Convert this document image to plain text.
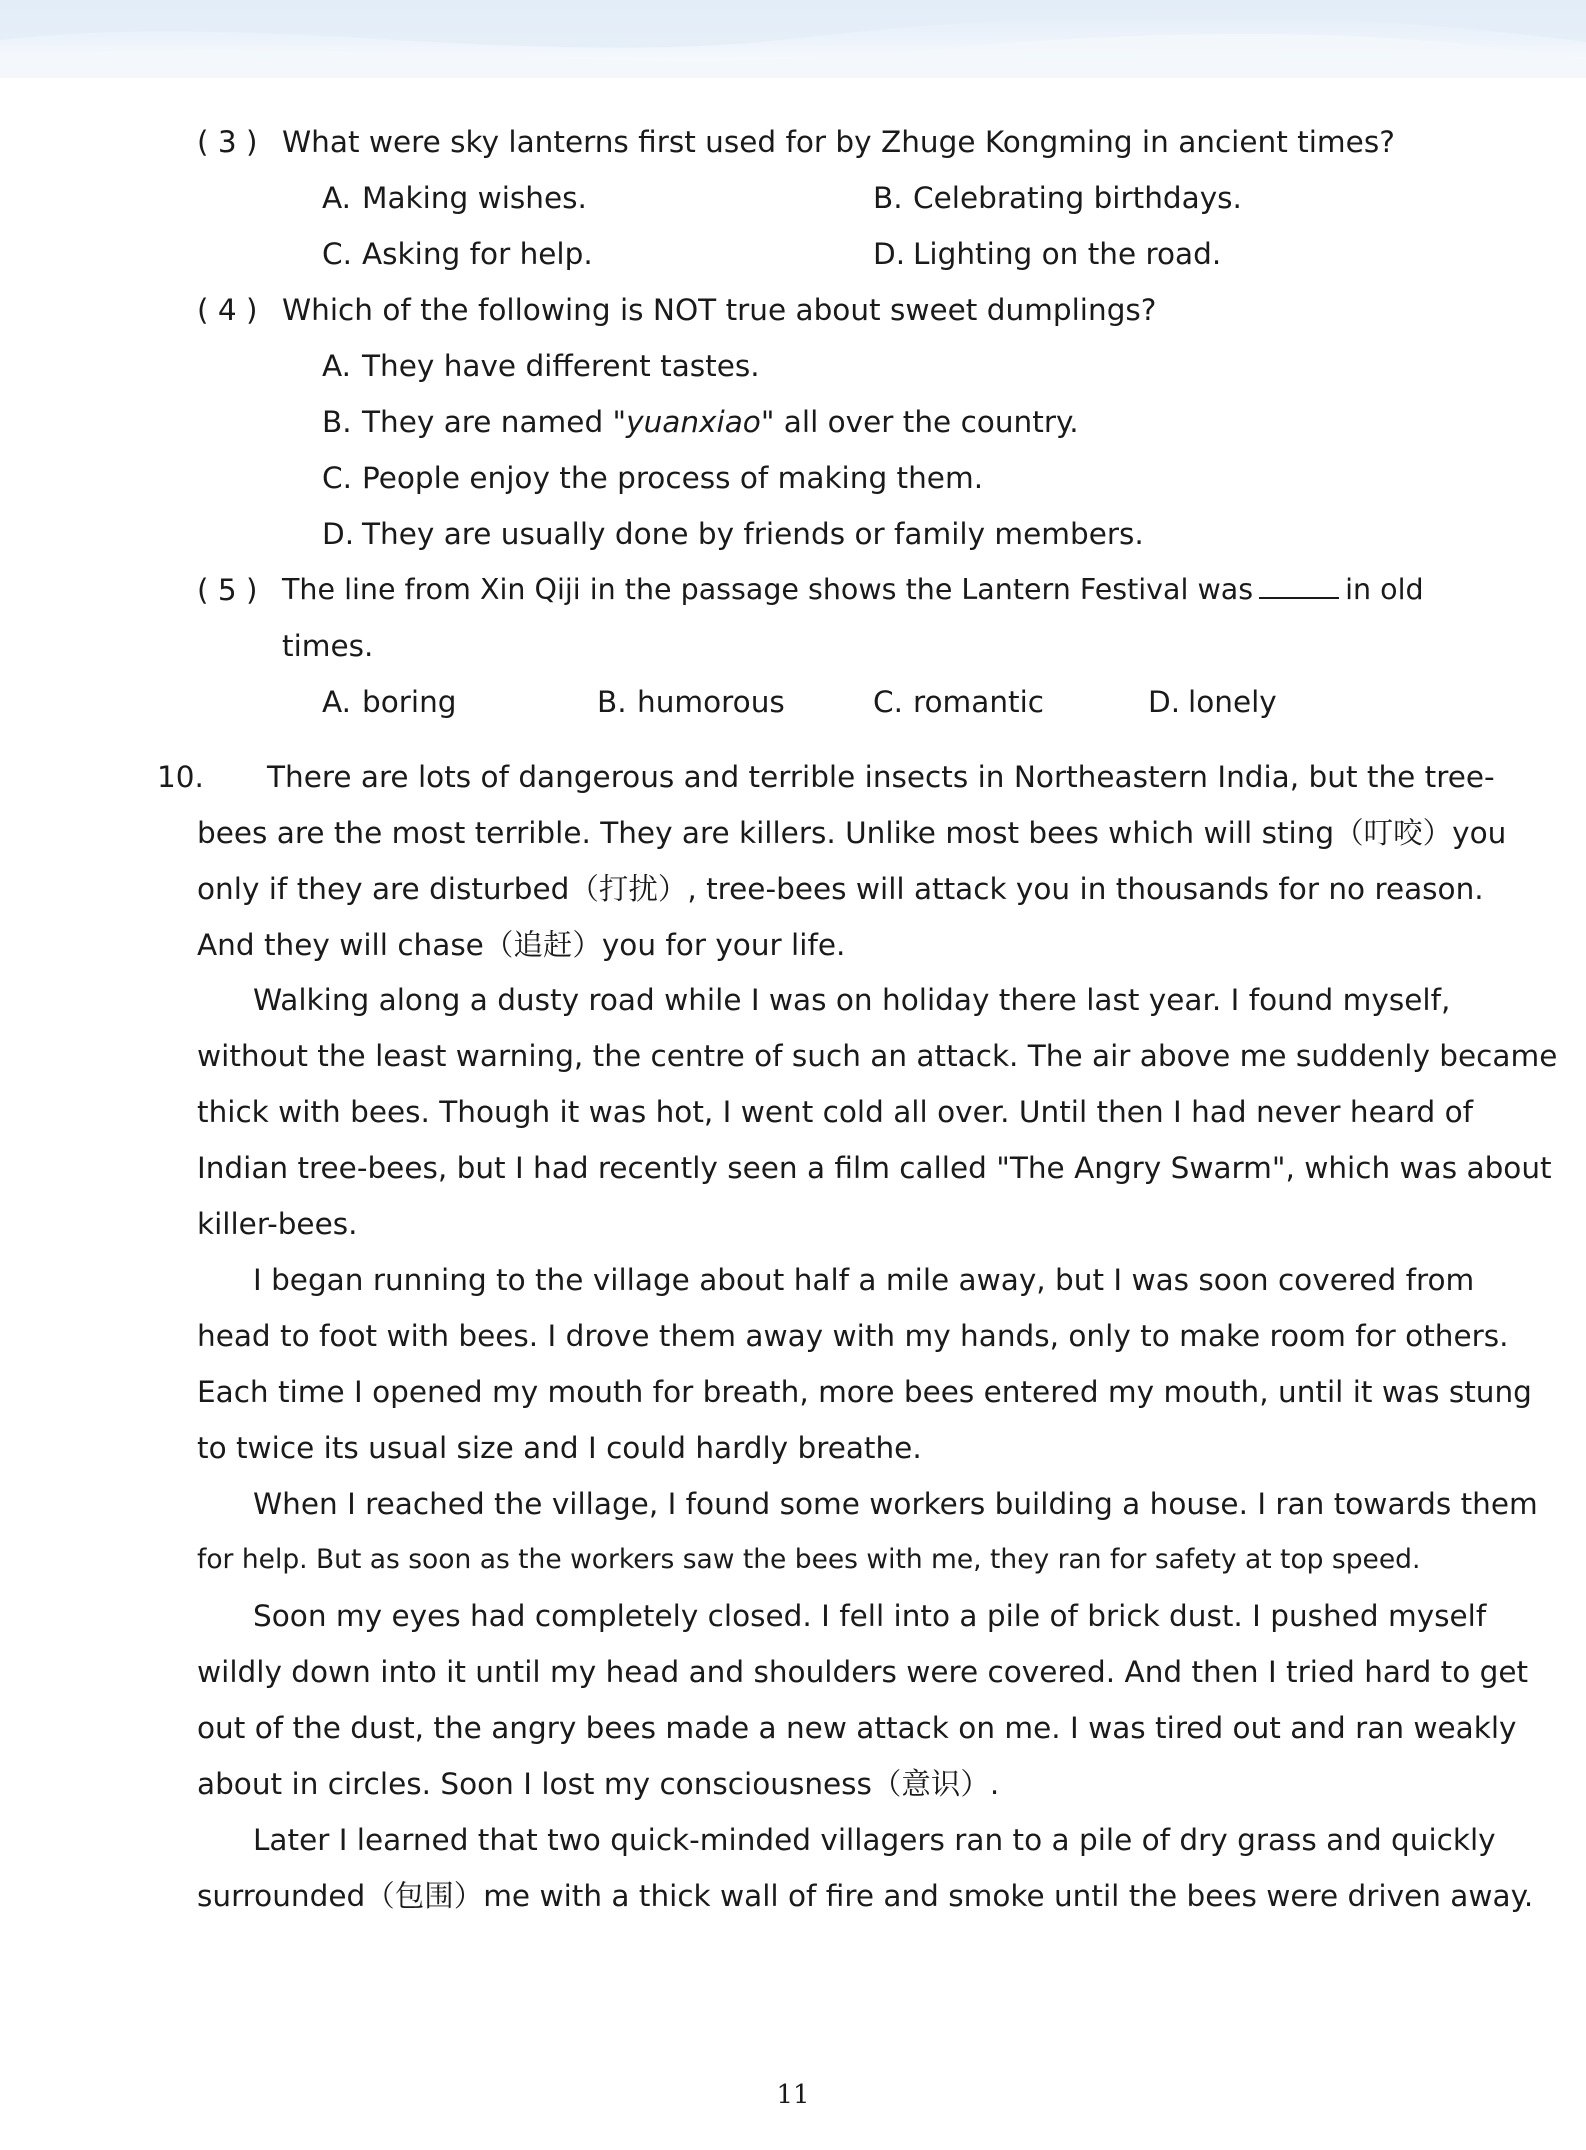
( 3 ) What were sky lanterns first used for by Zhuge Kongming in ancient times?
A. Making wishes.	B. Celebrating birthdays.
C. Asking for help.	D. Lighting on the road.
( 4 ) Which of the following is NOT true about sweet dumplings?
A. They have different tastes.
B. They are named "yuanxiao" all over the country.
C. People enjoy the process of making them.
D. They are usually done by friends or family members.
( 5 ) The line from Xin Qiji in the passage shows the Lantern Festival was	in old
times.
A. boring	B. humorous	C. romantic	D. lonely
10. There are lots of dangerous and terrible insects in Northeastern India, but the tree-
bees are the most terrible. They are killers. Unlike most bees which will sting（叮咬）you
only if they are disturbed（打扰）, tree-bees will attack you in thousands for no reason.
And they will chase（追赶）you for your life.
Walking along a dusty road while I was on holiday there last year. I found myself,
without the least warning, the centre of such an attack. The air above me suddenly became
thick with bees. Though it was hot, I went cold all over. Until then I had never heard of
Indian tree-bees, but I had recently seen a film called "The Angry Swarm", which was about
killer-bees.
I began running to the village about half a mile away, but I was soon covered from
head to foot with bees. I drove them away with my hands, only to make room for others.
Each time I opened my mouth for breath, more bees entered my mouth, until it was stung
to twice its usual size and I could hardly breathe.
When I reached the village, I found some workers building a house. I ran towards them
for help. But as soon as the workers saw the bees with me, they ran for safety at top speed.
Soon my eyes had completely closed. I fell into a pile of brick dust. I pushed myself
wildly down into it until my head and shoulders were covered. And then I tried hard to get
out of the dust, the angry bees made a new attack on me. I was tired out and ran weakly
about in circles. Soon I lost my consciousness（意识）.
Later I learned that two quick-minded villagers ran to a pile of dry grass and quickly
surrounded（包围）me with a thick wall of fire and smoke until the bees were driven away.
11
